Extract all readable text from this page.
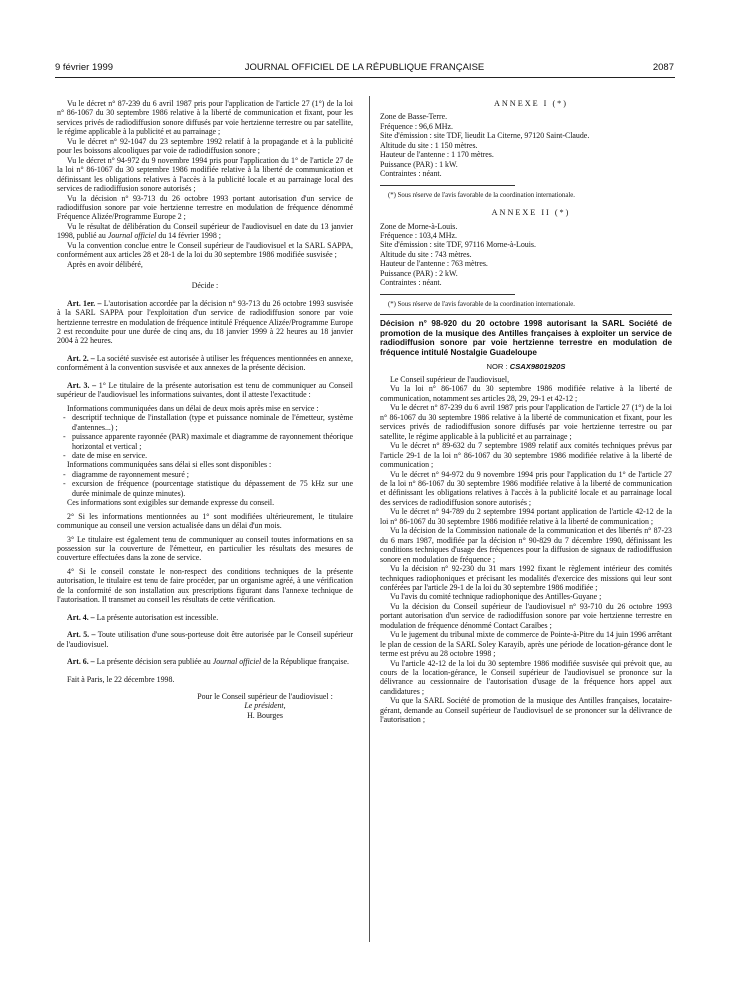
9 février 1999	JOURNAL OFFICIEL DE LA RÉPUBLIQUE FRANÇAISE	2087

Vu le décret n° 87-239 du 6 avril 1987 pris pour l'application de l'article 27 (1°) de la loi n° 86-1067 du 30 septembre 1986 relative à la liberté de communication et fixant, pour les services privés de radiodiffusion sonore diffusés par voie hertzienne terrestre ou par satellite, le régime applicable à la publicité et au parrainage ;

Vu le décret n° 92-1047 du 23 septembre 1992 relatif à la propagande et à la publicité pour les boissons alcooliques par voie de radiodiffusion sonore ;

Vu le décret n° 94-972 du 9 novembre 1994 pris pour l'application du 1° de l'article 27 de la loi n° 86-1067 du 30 septembre 1986 modifiée relative à la liberté de communication et définissant les obligations relatives à l'accès à la publicité locale et au parrainage local des services de radiodiffusion sonore autorisés ;

Vu la décision n° 93-713 du 26 octobre 1993 portant autorisation d'un service de radiodiffusion sonore par voie hertzienne terrestre en modulation de fréquence dénommé Fréquence Alizée/Programme Europe 2 ;

Vu le résultat de délibération du Conseil supérieur de l'audiovisuel en date du 13 janvier 1998, publié au Journal officiel du 14 février 1998 ;

Vu la convention conclue entre le Conseil supérieur de l'audiovisuel et la SARL SAPPA, conformément aux articles 28 et 28-1 de la loi du 30 septembre 1986 modifiée susvisée ;

Après en avoir délibéré,

Décide :

Art. 1er. – L'autorisation accordée par la décision n° 93-713 du 26 octobre 1993 susvisée à la SARL SAPPA pour l'exploitation d'un service de radiodiffusion sonore par voie hertzienne terrestre en modulation de fréquence intitulé Fréquence Alizée/Programme Europe 2 est reconduite pour une durée de cinq ans, du 18 janvier 1999 à 22 heures au 18 janvier 2004 à 22 heures.

Art. 2. – La société susvisée est autorisée à utiliser les fréquences mentionnées en annexe, conformément à la convention susvisée et aux annexes de la présente décision.

Art. 3. – 1° Le titulaire de la présente autorisation est tenu de communiquer au Conseil supérieur de l'audiovisuel les informations suivantes, dont il atteste l'exactitude :

Informations communiquées dans un délai de deux mois après mise en service :

- descriptif technique de l'installation (type et puissance nominale de l'émetteur, système d'antennes...) ;

- puissance apparente rayonnée (PAR) maximale et diagramme de rayonnement théorique horizontal et vertical ;

- date de mise en service.

Informations communiquées sans délai si elles sont disponibles :

- diagramme de rayonnement mesuré ;

- excursion de fréquence (pourcentage statistique du dépassement de 75 kHz sur une durée minimale de quinze minutes).

Ces informations sont exigibles sur demande expresse du conseil.

2° Si les informations mentionnées au 1° sont modifiées ultérieurement, le titulaire communique au conseil une version actualisée dans un délai d'un mois.

3° Le titulaire est également tenu de communiquer au conseil toutes informations en sa possession sur la couverture de l'émetteur, en particulier les résultats des mesures de couverture effectuées dans la zone de service.

4° Si le conseil constate le non-respect des conditions techniques de la présente autorisation, le titulaire est tenu de faire procéder, par un organisme agréé, à une vérification de la conformité de son installation aux prescriptions figurant dans l'annexe technique de l'autorisation. Il transmet au conseil les résultats de cette vérification.

Art. 4. – La présente autorisation est incessible.

Art. 5. – Toute utilisation d'une sous-porteuse doit être autorisée par le Conseil supérieur de l'audiovisuel.

Art. 6. – La présente décision sera publiée au Journal officiel de la République française.

Fait à Paris, le 22 décembre 1998.

Pour le Conseil supérieur de l'audiovisuel :

Le président,

H. Bourges

ANNEXE I (*)

Zone de Basse-Terre.

Fréquence : 96,6 MHz.

Site d'émission : site TDF, lieudit La Citerne, 97120 Saint-Claude.

Altitude du site : 1 150 mètres.

Hauteur de l'antenne : 1 170 mètres.

Puissance (PAR) : 1 kW.

Contraintes : néant.

(*) Sous réserve de l'avis favorable de la coordination internationale.

ANNEXE II (*)

Zone de Morne-à-Louis.

Fréquence : 103,4 MHz.

Site d'émission : site TDF, 97116 Morne-à-Louis.

Altitude du site : 743 mètres.

Hauteur de l'antenne : 763 mètres.

Puissance (PAR) : 2 kW.

Contraintes : néant.

(*) Sous réserve de l'avis favorable de la coordination internationale.

Décision n° 98-920 du 20 octobre 1998 autorisant la SARL Société de promotion de la musique des Antilles françaises à exploiter un service de radiodiffusion sonore par voie hertzienne terrestre en modulation de fréquence intitulé Nostalgie Guadeloupe

NOR : CSAX9801920S

Le Conseil supérieur de l'audiovisuel,

Vu la loi n° 86-1067 du 30 septembre 1986 modifiée relative à la liberté de communication, notamment ses articles 28, 29, 29-1 et 42-12 ;

Vu le décret n° 87-239 du 6 avril 1987 pris pour l'application de l'article 27 (1°) de la loi n° 86-1067 du 30 septembre 1986 relative à la liberté de communication et fixant, pour les services privés de radiodiffusion sonore diffusés par voie hertzienne terrestre ou par satellite, le régime applicable à la publicité et au parrainage ;

Vu le décret n° 89-632 du 7 septembre 1989 relatif aux comités techniques prévus par l'article 29-1 de la loi n° 86-1067 du 30 septembre 1986 modifiée relative à la liberté de communication ;

Vu le décret n° 94-972 du 9 novembre 1994 pris pour l'application du 1° de l'article 27 de la loi n° 86-1067 du 30 septembre 1986 modifiée relative à la liberté de communication et définissant les obligations relatives à l'accès à la publicité locale et au parrainage local des services de radiodiffusion sonore autorisés ;

Vu le décret n° 94-789 du 2 septembre 1994 portant application de l'article 42-12 de la loi n° 86-1067 du 30 septembre 1986 modifiée relative à la liberté de communication ;

Vu la décision de la Commission nationale de la communication et des libertés n° 87-23 du 6 mars 1987, modifiée par la décision n° 90-829 du 7 décembre 1990, définissant les conditions techniques d'usage des fréquences pour la diffusion de signaux de radiodiffusion sonore en modulation de fréquence ;

Vu la décision n° 92-230 du 31 mars 1992 fixant le règlement intérieur des comités techniques radiophoniques et précisant les modalités d'exercice des missions qui leur sont conférées par l'article 29-1 de la loi du 30 septembre 1986 modifiée ;

Vu l'avis du comité technique radiophonique des Antilles-Guyane ;

Vu la décision du Conseil supérieur de l'audiovisuel n° 93-710 du 26 octobre 1993 portant autorisation d'un service de radiodiffusion sonore par voie hertzienne terrestre en modulation de fréquence dénommé Contact Caraïbes ;

Vu le jugement du tribunal mixte de commerce de Pointe-à-Pitre du 14 juin 1996 arrêtant le plan de cession de la SARL Soley Karayib, après une période de location-gérance dont le terme est prévu au 28 octobre 1998 ;

Vu l'article 42-12 de la loi du 30 septembre 1986 modifiée susvisée qui prévoit que, au cours de la location-gérance, le Conseil supérieur de l'audiovisuel se prononce sur la délivrance au cessionnaire de l'autorisation d'usage de la fréquence hors appel aux candidatures ;

Vu que la SARL Société de promotion de la musique des Antilles françaises, locataire-gérant, demande au Conseil supérieur de l'audiovisuel de se prononcer sur la délivrance de l'autorisation ;
